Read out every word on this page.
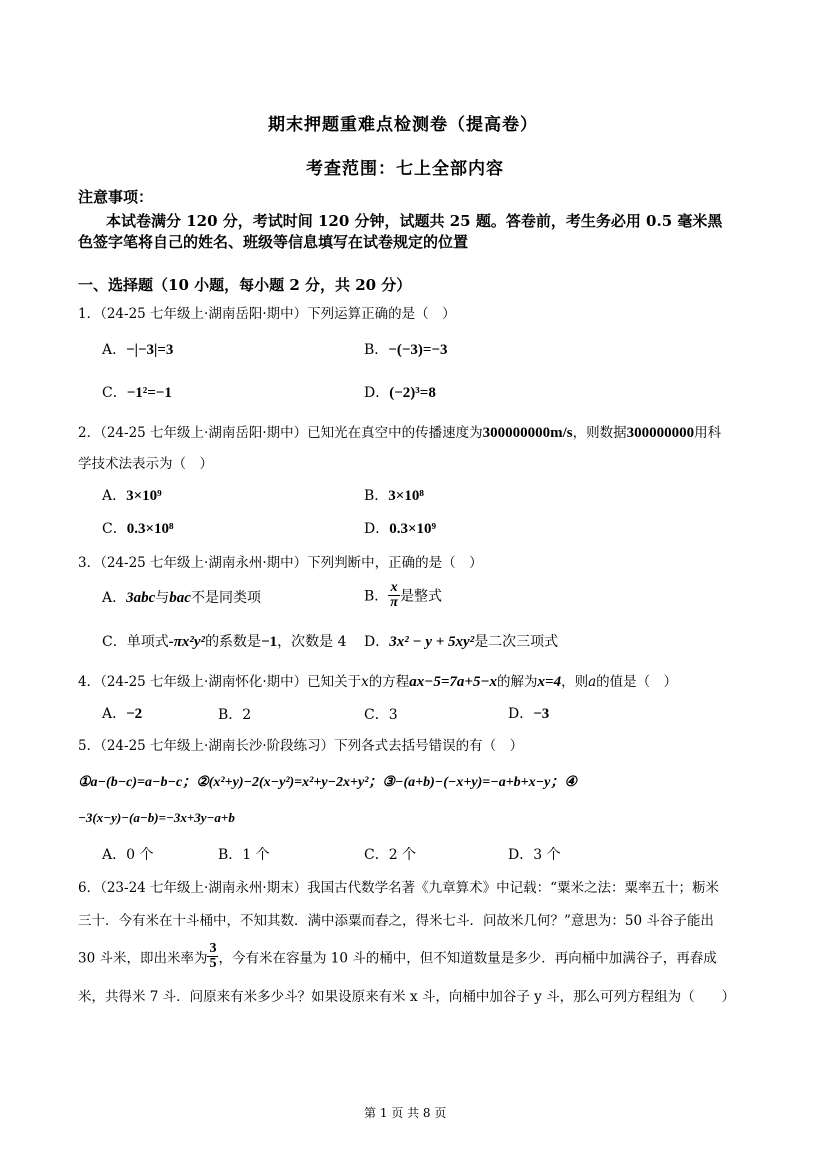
期末押题重难点检测卷（提高卷）
考查范围：七上全部内容
注意事项：
本试卷满分 120 分，考试时间 120 分钟，试题共 25 题。答卷前，考生务必用 0.5 毫米黑
色签字笔将自己的姓名、班级等信息填写在试卷规定的位置
一、选择题（10 小题，每小题 2 分，共 20 分）
1．（24-25 七年级上·湖南岳阳·期中）下列运算正确的是（　）
A．−|−3|=3	B．−(−3)=−3
C．−1²=−1	D．(−2)³=8
2．（24-25 七年级上·湖南岳阳·期中）已知光在真空中的传播速度为300000000m/s，则数据300000000用科
学技术法表示为（　）
A．3×10⁹	B．3×10⁸
C．0.3×10⁸	D．0.3×10⁹
3．（24-25 七年级上·湖南永州·期中）下列判断中，正确的是（　）
A．3abc与bac不是同类项	B． $\frac{x}{\pi}$ 是整式
C．单项式-πx²y²的系数是−1，次数是 4 D．3x² − y + 5xy²是二次三项式
4．（24-25 七年级上·湖南怀化·期中）已知关于x的方程ax−5=7a+5−x的解为x=4，则a的值是（　）
A．−2	B．2	C．3	D．−3
5．（24-25 七年级上·湖南长沙·阶段练习）下列各式去括号错误的有（　）
①a−(b−c)=a−b−c；②(x²+y)−2(x−y²)=x²+y−2x+y²；③−(a+b)−(−x+y)=−a+b+x−y；④
−3(x−y)−(a−b)=−3x+3y−a+b
A．0 个	B．1 个	C．2 个	D．3 个
6．（23-24 七年级上·湖南永州·期末）我国古代数学名著《九章算术》中记载：“粟米之法：粟率五十；粝米
三十．今有米在十斗桶中，不知其数．满中添粟而舂之，得米七斗．问故米几何？”意思为：50 斗谷子能出
30 斗米，即出米率为 $\frac{3}{5}$ ，今有米在容量为 10 斗的桶中，但不知道数量是多少．再向桶中加满谷子，再舂成
米，共得米 7 斗．问原来有米多少斗？如果设原来有米 x 斗，向桶中加谷子 y 斗，那么可列方程组为（　　）
第 1 页 共 8 页
